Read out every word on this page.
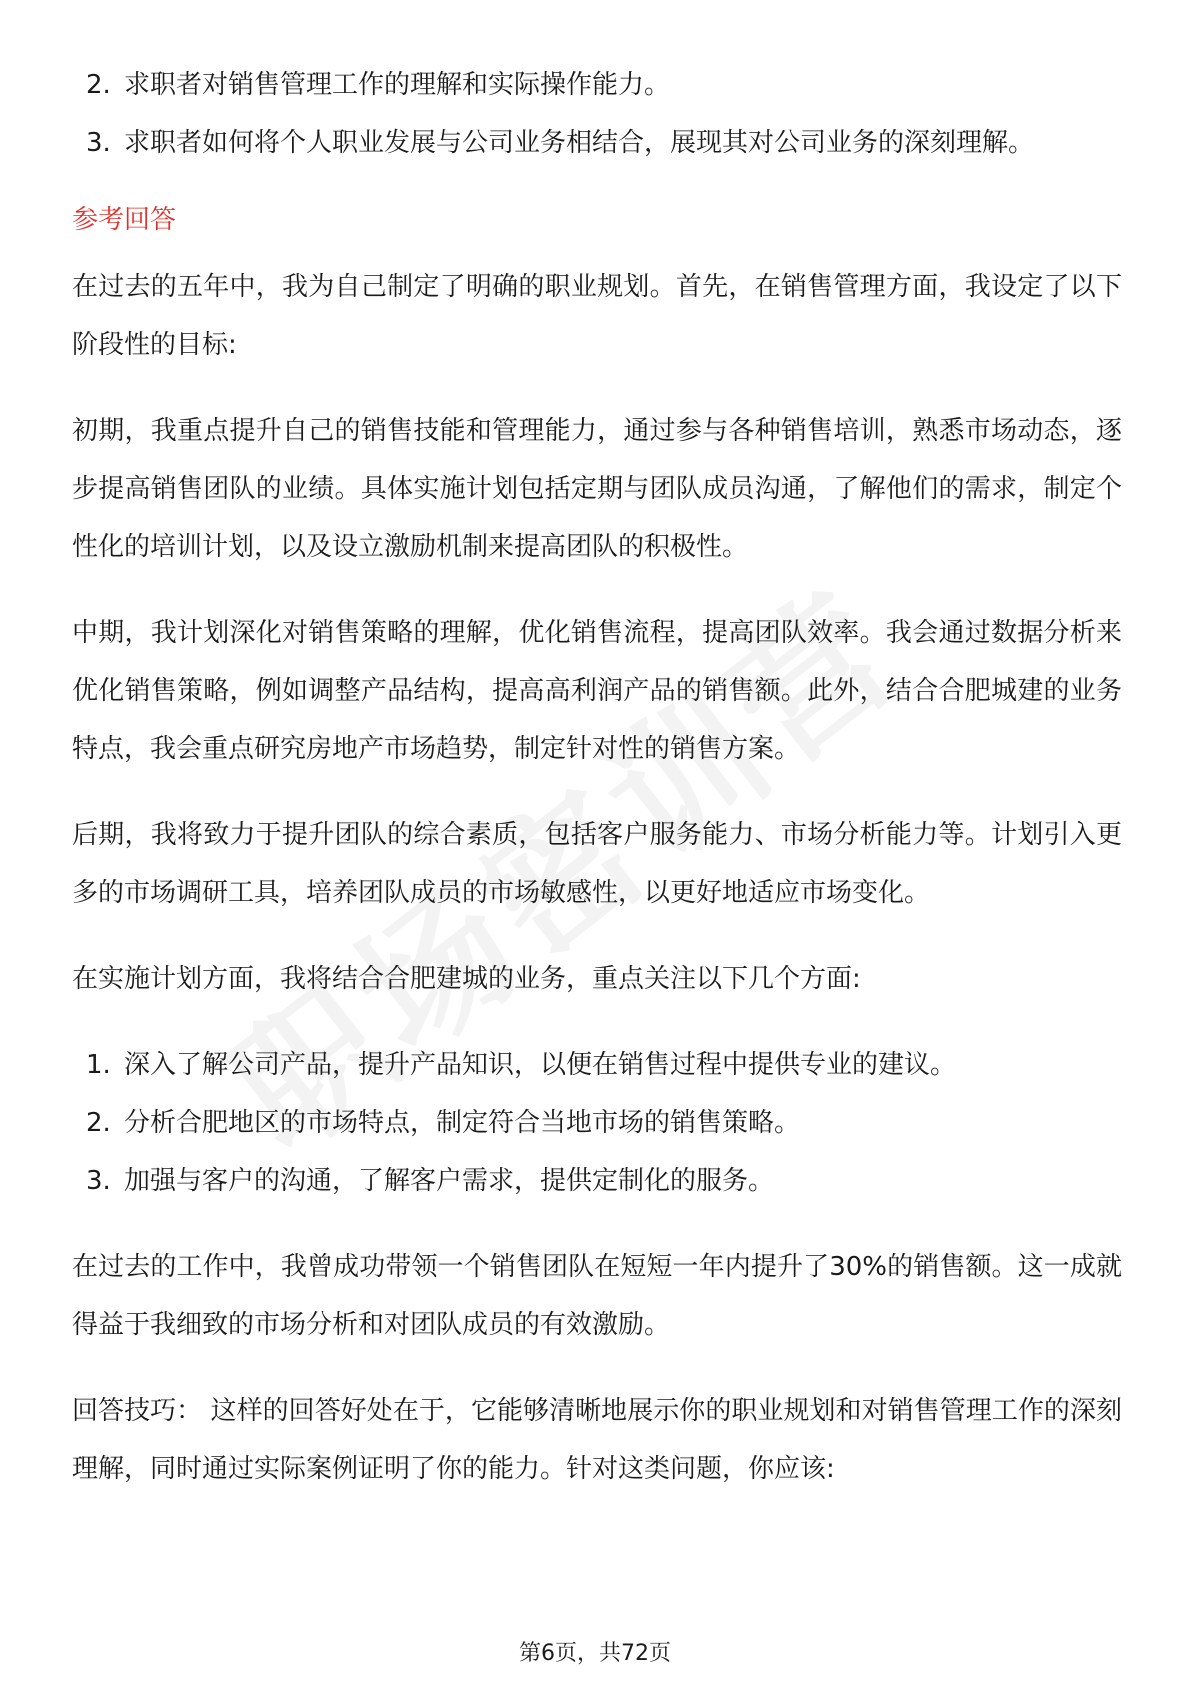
2. 求职者对销售管理工作的理解和实际操作能力。
3. 求职者如何将个人职业发展与公司业务相结合，展现其对公司业务的深刻理解。
参考回答

在过去的五年中，我为自己制定了明确的职业规划。首先，在销售管理方面，我设定了以下阶段性的目标:

初期，我重点提升自己的销售技能和管理能力，通过参与各种销售培训，熟悉市场动态，逐步提高销售团队的业绩。具体实施计划包括定期与团队成员沟通，了解他们的需求，制定个性化的培训计划，以及设立激励机制来提高团队的积极性。

中期，我计划深化对销售策略的理解，优化销售流程，提高团队效率。我会通过数据分析来优化销售策略，例如调整产品结构，提高高利润产品的销售额。此外，结合合肥城建的业务特点，我会重点研究房地产市场趋势，制定针对性的销售方案。

后期，我将致力于提升团队的综合素质，包括客户服务能力、市场分析能力等。计划引入更多的市场调研工具，培养团队成员的市场敏感性，以更好地适应市场变化。

在实施计划方面，我将结合合肥建城的业务，重点关注以下几个方面:

1. 深入了解公司产品，提升产品知识，以便在销售过程中提供专业的建议。
2. 分析合肥地区的市场特点，制定符合当地市场的销售策略。
3. 加强与客户的沟通，了解客户需求，提供定制化的服务。

在过去的工作中，我曾成功带领一个销售团队在短短一年内提升了30%的销售额。这一成就得益于我细致的市场分析和对团队成员的有效激励。

回答技巧： 这样的回答好处在于，它能够清晰地展示你的职业规划和对销售管理工作的深刻理解，同时通过实际案例证明了你的能力。针对这类问题，你应该:

第6页，共72页
